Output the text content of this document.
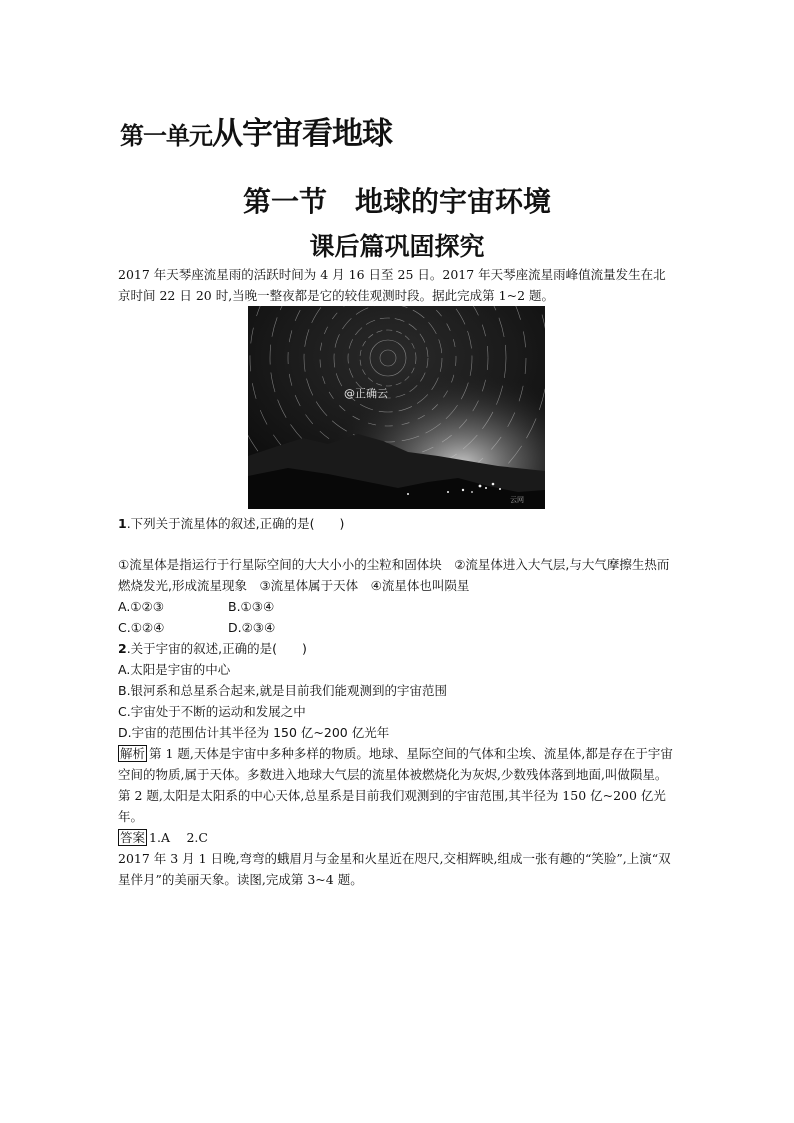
第一单元从宇宙看地球
第一节　地球的宇宙环境
课后篇巩固探究
2017 年天琴座流星雨的活跃时间为 4 月 16 日至 25 日。2017 年天琴座流星雨峰值流量发生在北京时间 22 日 20 时,当晚一整夜都是它的较佳观测时段。据此完成第 1~2 题。
@正确云
云网
1.下列关于流星体的叙述,正确的是(　　)
①流星体是指运行于行星际空间的大大小小的尘粒和固体块　②流星体进入大气层,与大气摩擦生热而燃烧发光,形成流星现象　③流星体属于天体　④流星体也叫陨星
A.①②③	B.①③④
C.①②④	D.②③④
2.关于宇宙的叙述,正确的是(　　)
A.太阳是宇宙的中心
B.银河系和总星系合起来,就是目前我们能观测到的宇宙范围
C.宇宙处于不断的运动和发展之中
D.宇宙的范围估计其半径为 150 亿~200 亿光年
解析 第 1 题,天体是宇宙中多种多样的物质。地球、星际空间的气体和尘埃、流星体,都是存在于宇宙空间的物质,属于天体。多数进入地球大气层的流星体被燃烧化为灰烬,少数残体落到地面,叫做陨星。第 2 题,太阳是太阳系的中心天体,总星系是目前我们观测到的宇宙范围,其半径为 150 亿~200 亿光年。
答案 1.A　 2.C
2017 年 3 月 1 日晚,弯弯的蛾眉月与金星和火星近在咫尺,交相辉映,组成一张有趣的“笑脸”,上演“双星伴月”的美丽天象。读图,完成第 3~4 题。
